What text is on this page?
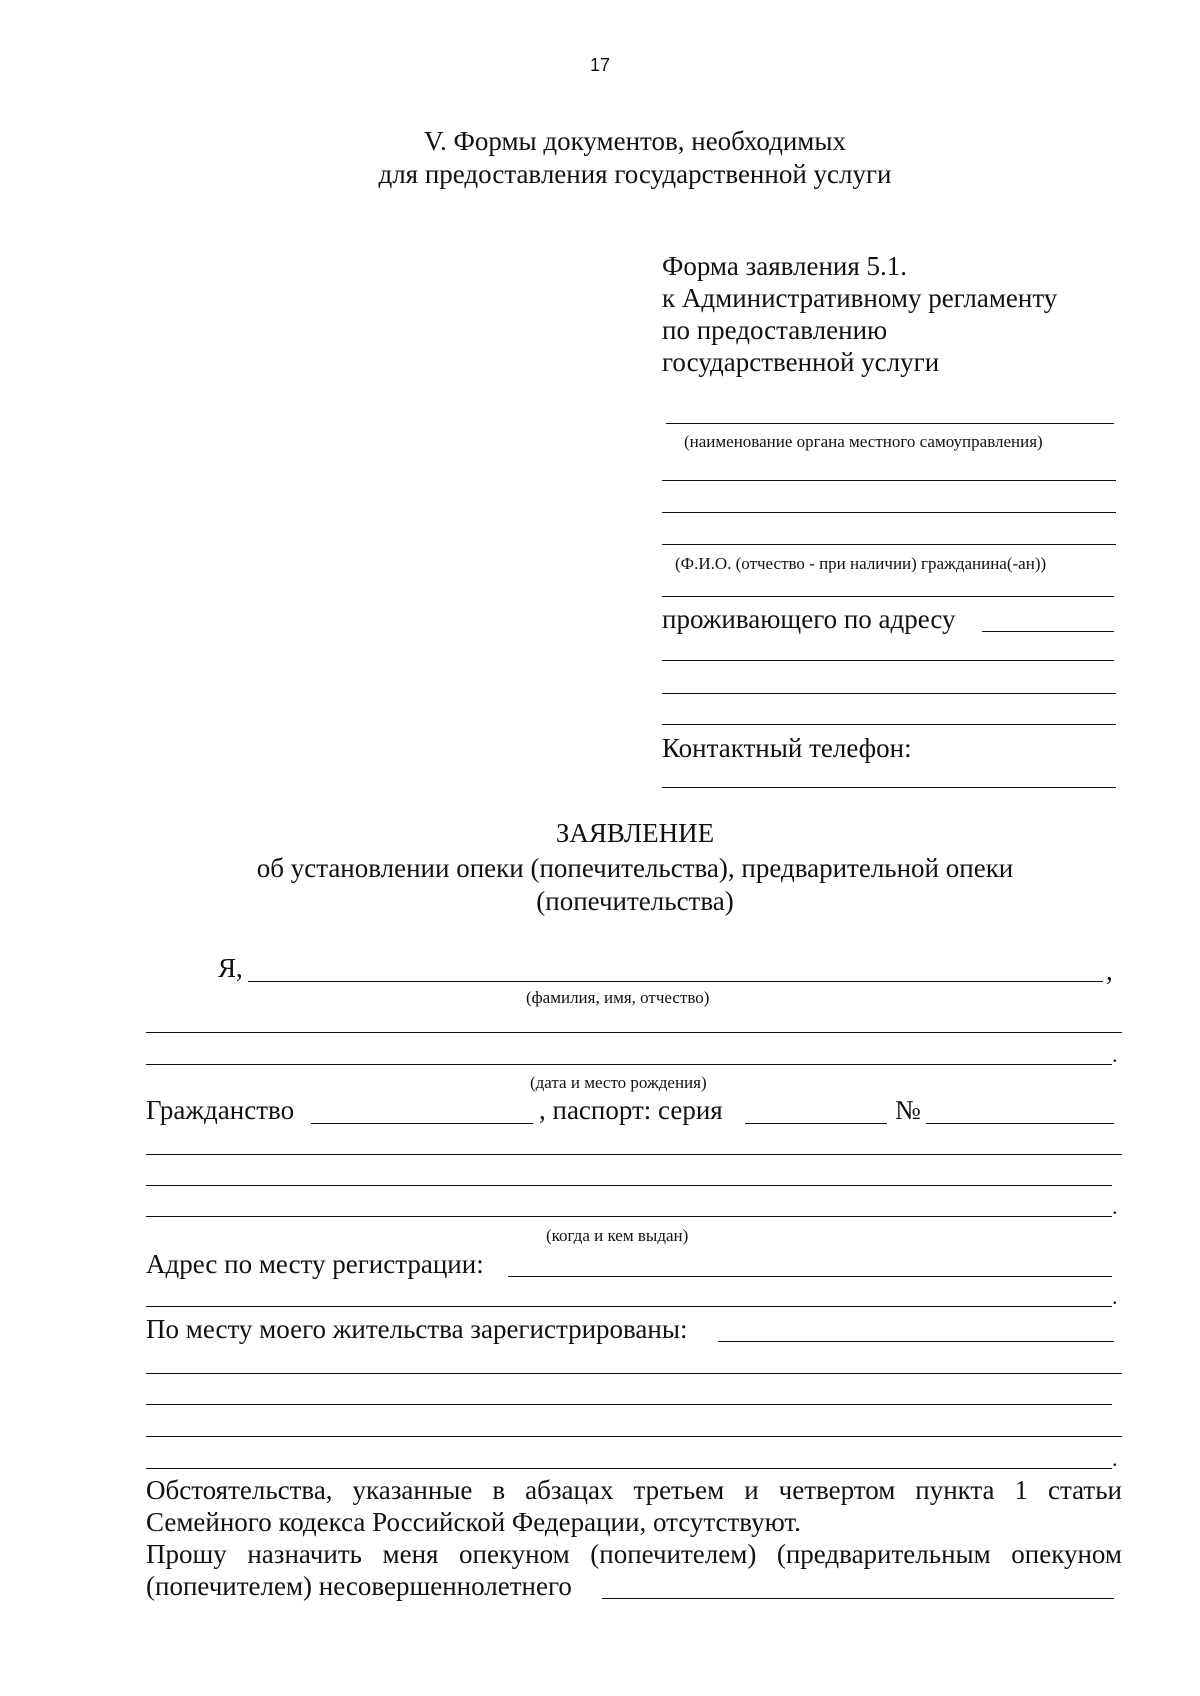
17
V. Формы документов, необходимых
для предоставления государственной услуги
Форма заявления 5.1.
к Административному регламенту
по предоставлению
государственной услуги
(наименование органа местного самоуправления)
(Ф.И.О. (отчество - при наличии) гражданина(-ан))
проживающего по адресу
Контактный телефон:
ЗАЯВЛЕНИЕ
об установлении опеки (попечительства), предварительной опеки
(попечительства)
Я,	,
(фамилия, имя, отчество)
.
(дата и место рождения)
Гражданство	, паспорт: серия	№
.
(когда и кем выдан)
Адрес по месту регистрации:
.
По месту моего жительства зарегистрированы:
.
Обстоятельства, указанные в абзацах третьем и четвертом пункта 1 статьи Семейного кодекса Российской Федерации, отсутствуют.
Прошу назначить меня опекуном (попечителем) (предварительным опекуном (попечителем) несовершеннолетнего
